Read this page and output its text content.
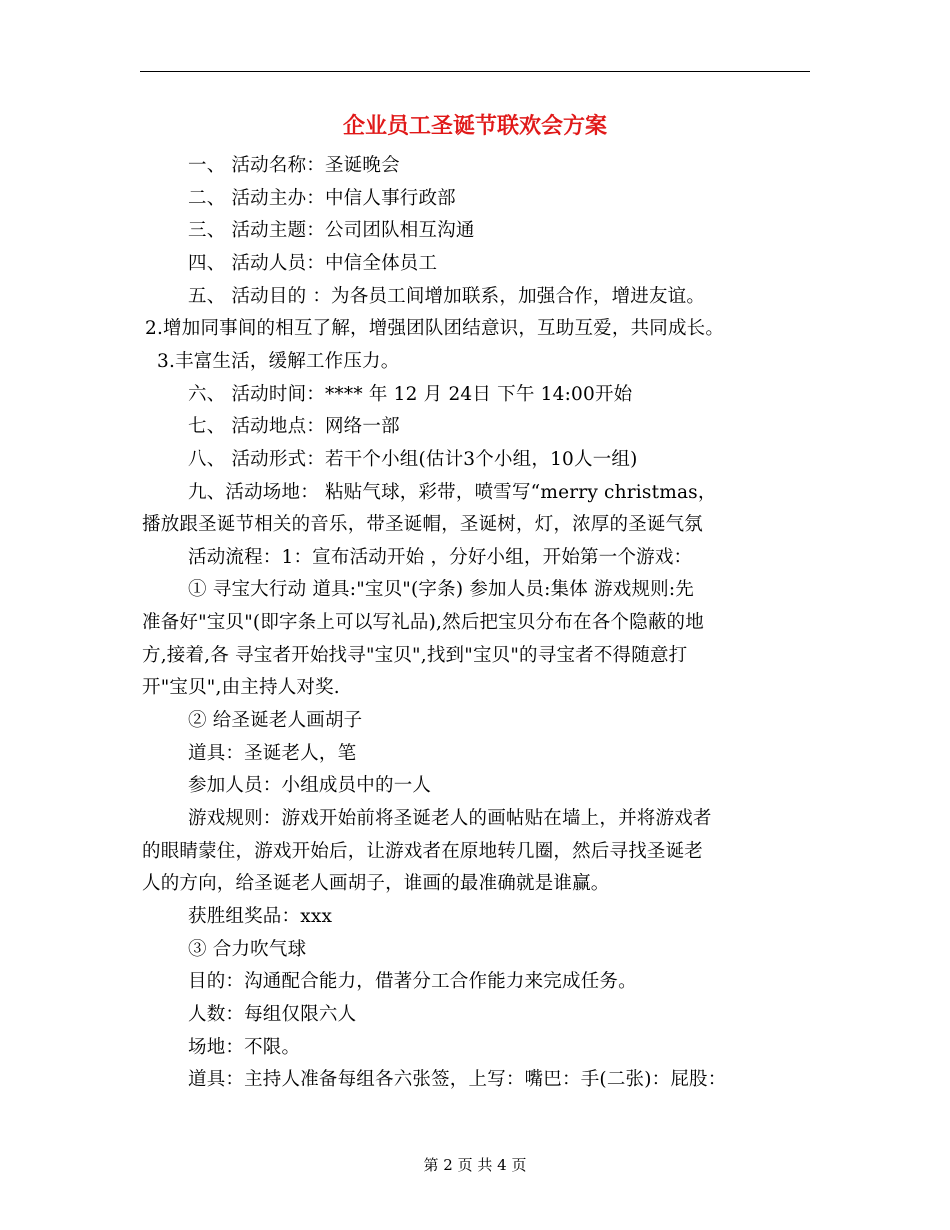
企业员工圣诞节联欢会方案
一、 活动名称：圣诞晚会
二、 活动主办：中信人事行政部
三、 活动主题：公司团队相互沟通
四、 活动人员：中信全体员工
五、 活动目的 ：为各员工间增加联系，加强合作，增进友谊。
2.增加同事间的相互了解，增强团队团结意识，互助互爱，共同成长。
3.丰富生活，缓解工作压力。
六、 活动时间：**** 年 12 月 24日 下午 14:00开始
七、 活动地点：网络一部
八、 活动形式：若干个小组(估计3个小组，10人一组)
九、活动场地： 粘贴气球，彩带，喷雪写“merry christmas，
播放跟圣诞节相关的音乐，带圣诞帽，圣诞树，灯，浓厚的圣诞气氛
活动流程：1：宣布活动开始 ，分好小组，开始第一个游戏：
① 寻宝大行动 道具:"宝贝"(字条) 参加人员:集体 游戏规则:先
准备好"宝贝"(即字条上可以写礼品),然后把宝贝分布在各个隐蔽的地
方,接着,各 寻宝者开始找寻"宝贝",找到"宝贝"的寻宝者不得随意打
开"宝贝",由主持人对奖.
② 给圣诞老人画胡子
道具：圣诞老人，笔
参加人员：小组成员中的一人
游戏规则：游戏开始前将圣诞老人的画帖贴在墙上，并将游戏者
的眼睛蒙住，游戏开始后，让游戏者在原地转几圈，然后寻找圣诞老
人的方向，给圣诞老人画胡子，谁画的最准确就是谁赢。
获胜组奖品：xxx
③ 合力吹气球
目的：沟通配合能力，借著分工合作能力来完成任务。
人数：每组仅限六人
场地：不限。
道具：主持人准备每组各六张签，上写：嘴巴：手(二张)：屁股：
第 2 页 共 4 页
